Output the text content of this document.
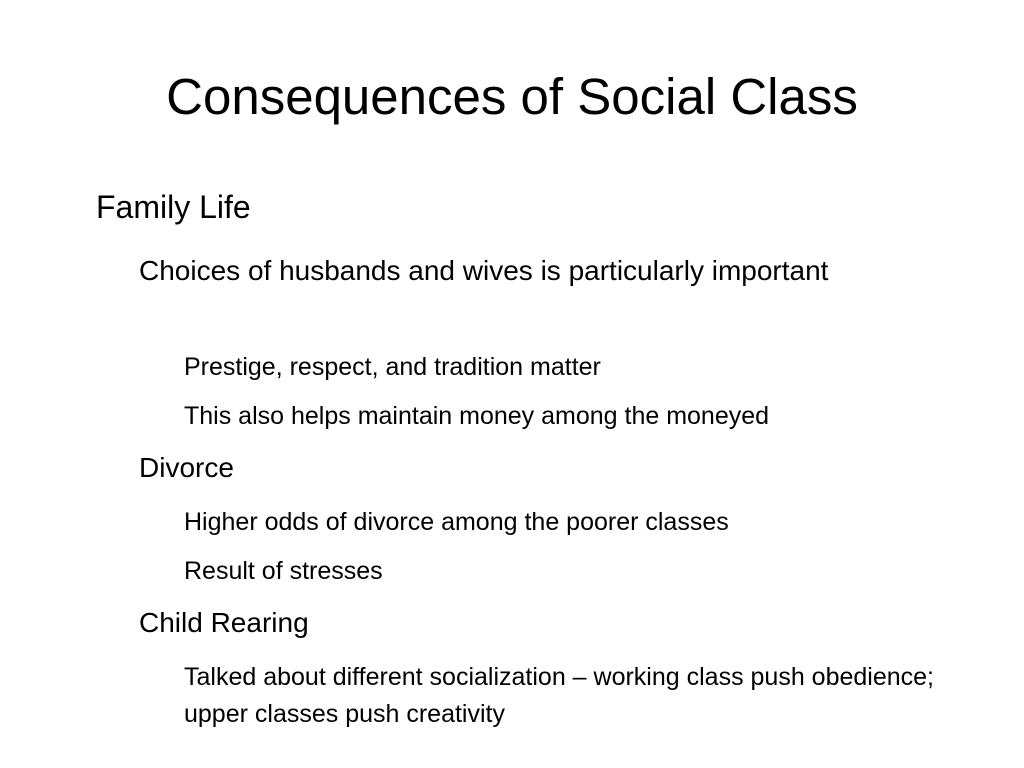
Consequences of Social Class
Family Life
Choices of husbands and wives is particularly important
Prestige, respect, and tradition matter
This also helps maintain money among the moneyed
Divorce
Higher odds of divorce among the poorer classes
Result of stresses
Child Rearing
Talked about different socialization – working class push obedience; upper classes push creativity
